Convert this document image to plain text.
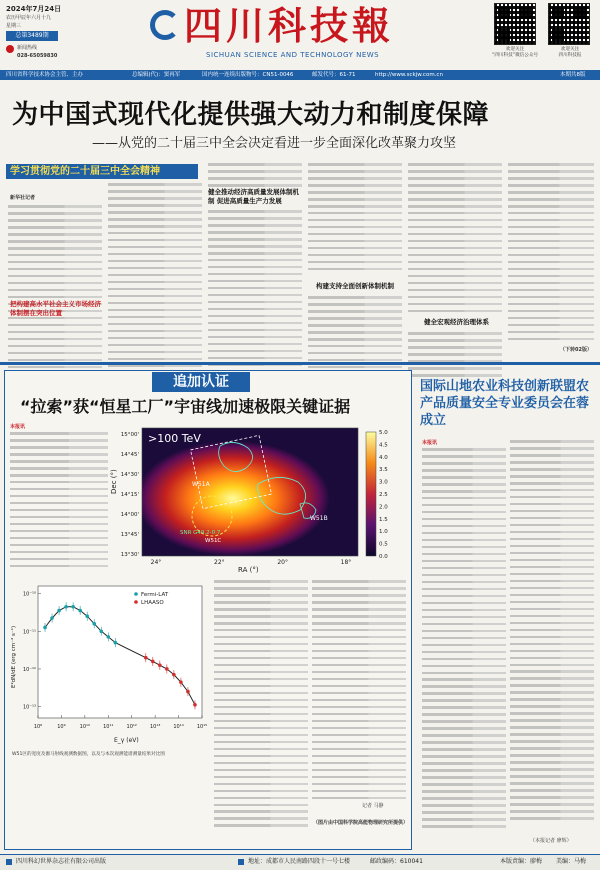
2024年7月24日
农历甲辰年六月十九
星期三
总第3489期
新闻热线
028-65059830
四川科技報
SICHUAN SCIENCE AND TECHNOLOGY NEWS
欢迎关注
“四川科技”微信公众号
欢迎关注
四川科技报
四川省科学技术协会主管、主办	总编辑(代)：窦再军	国内统一连续出版物号：CN51-0046	邮发代号：61-71	http://www.sckjw.com.cn	本期共8版
为中国式现代化提供强大动力和制度保障
——从党的二十届三中全会决定看进一步全面深化改革聚力攻坚
学习贯彻党的二十届三中全会精神
新华社记者
把构建高水平社会主义市场经济体制摆在突出位置
健全推动经济高质量发展体制机制 促进高质量生产力发展
构建支持全面创新体制机制
健全宏观经济治理体系
（下转02版）
追加认证
“拉索”获“恒星工厂”宇宙线加速极限关键证据
本报讯
>100 TeV
W51A
W51B
W51C
SNR G49.2-0.7
15°00'
14°45'
14°30'
14°15'
14°00'
13°45'
13°30'
24°	22°	20°	18°
Dec (°)
RA (°)
0.0
0.5
1.0
1.5
2.0
2.5
3.0
3.5
4.0
4.5
5.0
10⁻¹⁰
10⁻¹¹
10⁻¹²
10⁻¹³
10⁸	10⁹	10¹⁰	10¹¹	10¹²	10¹³	10¹⁴	10¹⁵
Fermi-LAT
LHAASO
E²dN/dE (erg cm⁻² s⁻¹)
E_γ (eV)
W51区的宽度及伽马射线观测数据图，以及与本次观测能谱测量结果对比图
记者 马静
（图片由中国科学院高能物理研究所提供）
国际山地农业科技创新联盟农产品质量安全专业委员会在蓉成立
本报讯
（本报记者 廖辉）
四川科幻世界杂志社有限公司出版	地址：成都市人民南路四段十一号七楼	邮政编码：610041	本版责编：廖梅 美编：马梅
